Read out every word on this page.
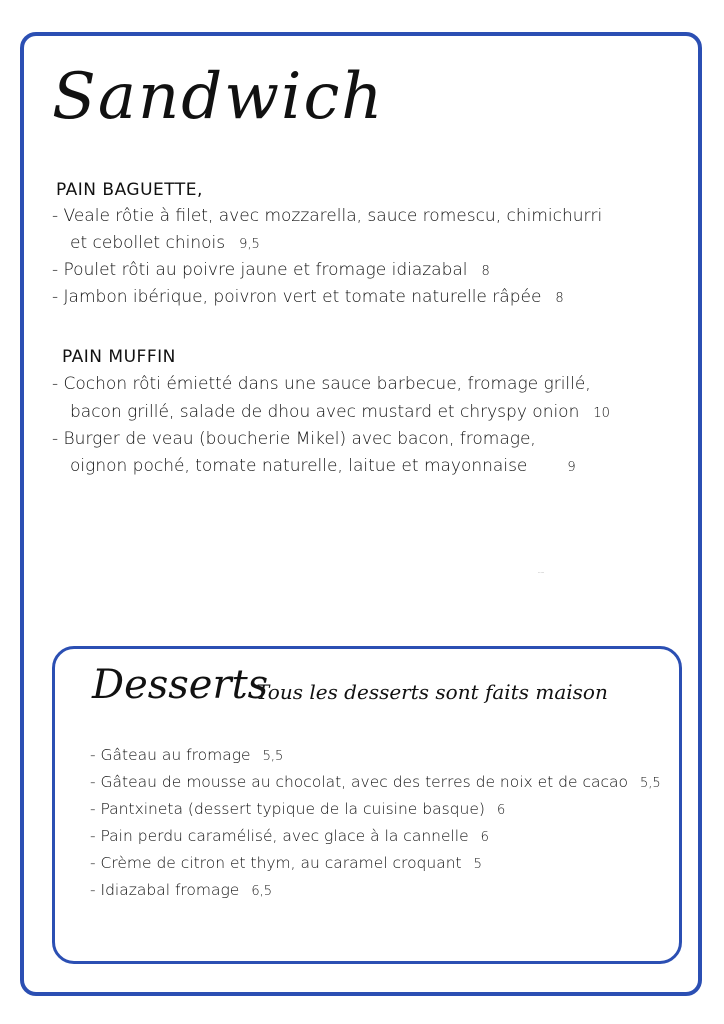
Sandwich
PAIN BAGUETTE,
- Veale rôtie à filet, avec mozzarella, sauce romescu, chimichurri
et cebollet chinois 9,5
- Poulet rôti au poivre jaune et fromage idiazabal 8
- Jambon ibérique, poivron vert et tomate naturelle râpée 8
PAIN MUFFIN
- Cochon rôti émietté dans une sauce barbecue, fromage grillé,
bacon grillé, salade de dhou avec mustard et chryspy onion 10
- Burger de veau (boucherie Mikel) avec bacon, fromage,
oignon poché, tomate naturelle, laitue et mayonnaise	9
·····
Desserts
Tous les desserts sont faits maison
- Gâteau au fromage 5,5
- Gâteau de mousse au chocolat, avec des terres de noix et de cacao 5,5
- Pantxineta (dessert typique de la cuisine basque) 6
- Pain perdu caramélisé, avec glace à la cannelle 6
- Crème de citron et thym, au caramel croquant 5
- Idiazabal fromage 6,5
